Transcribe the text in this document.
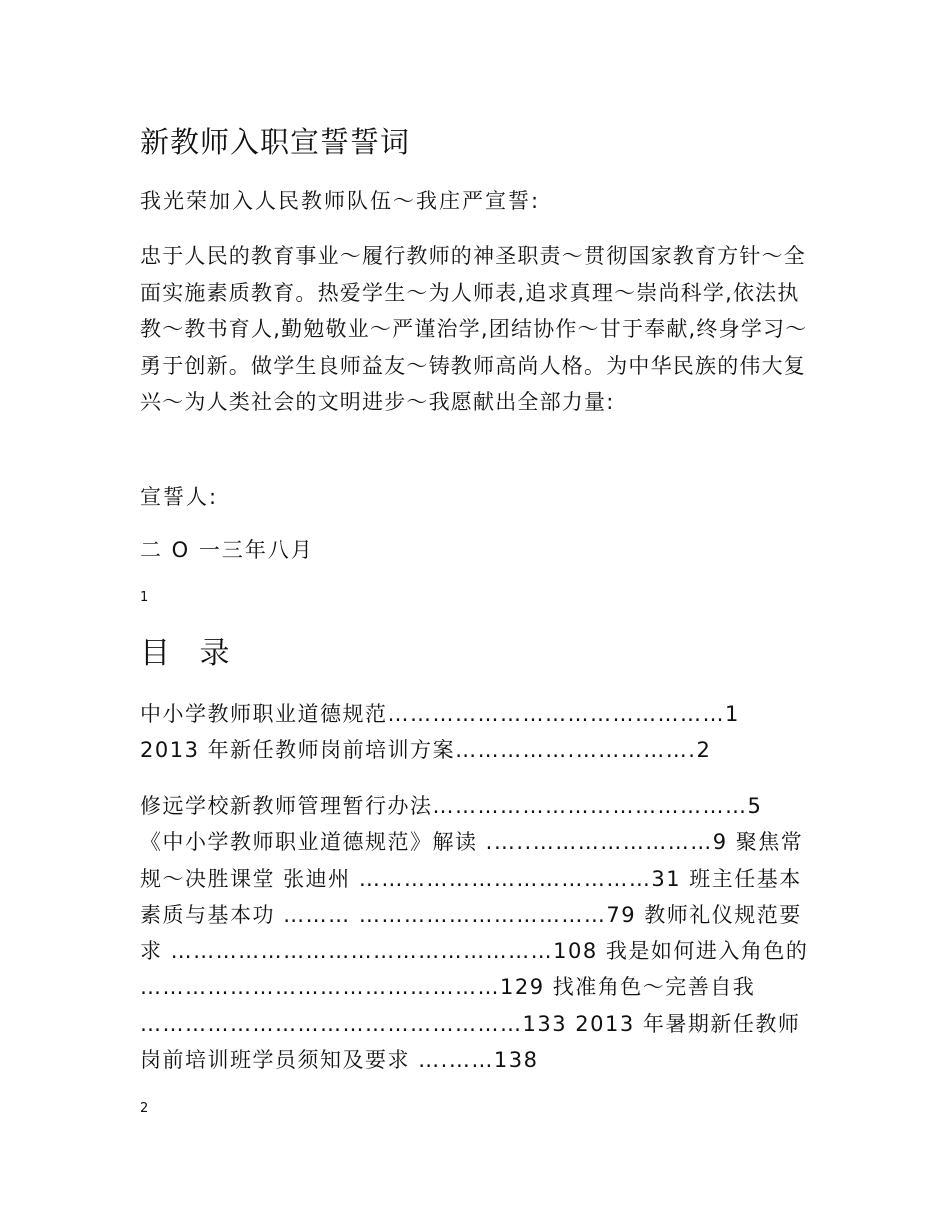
新教师入职宣誓誓词

我光荣加入人民教师队伍～我庄严宣誓:

忠于人民的教育事业～履行教师的神圣职责～贯彻国家教育方针～全面实施素质教育。热爱学生～为人师表,追求真理～崇尚科学,依法执教～教书育人,勤勉敬业～严谨治学,团结协作～甘于奉献,终身学习～勇于创新。做学生良师益友～铸教师高尚人格。为中华民族的伟大复兴～为人类社会的文明进步～我愿献出全部力量:

宣誓人:

二 O 一三年八月

1
目 录
中小学教师职业道德规范………………………………………1
2013 年新任教师岗前培训方案…………….…………….2

修远学校新教师管理暂行办法……………………………………5 《中小学教师职业道德规范》解读 .…..……………………9 聚焦常规～决胜课堂 张迪州 …………………………………31 班主任基本素质与基本功 ……… ……………………………79 教师礼仪规范要求 ……………………………………………108 我是如何进入角色的 …………………………………………129 找准角色～完善自我 ……………………………………………133 2013 年暑期新任教师岗前培训班学员须知及要求 ….……138

2
